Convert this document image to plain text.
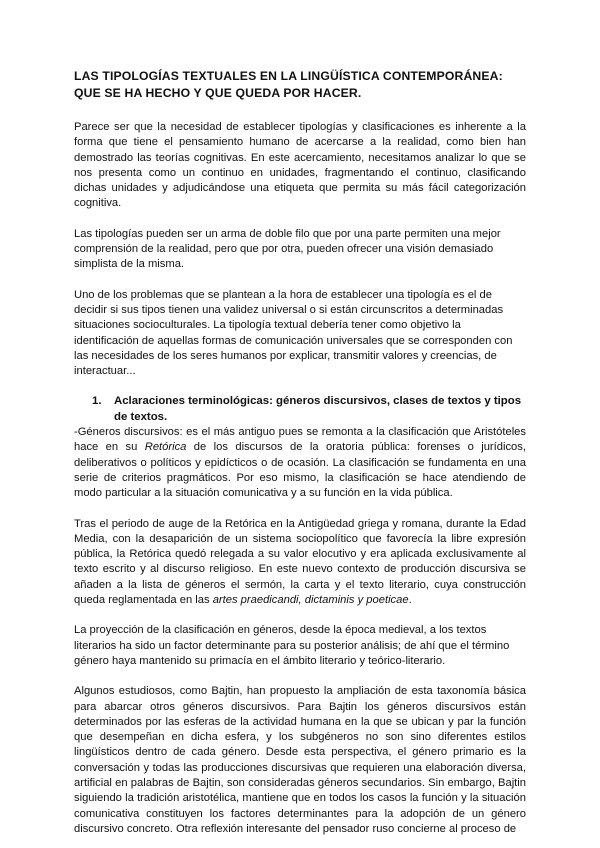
LAS TIPOLOGÍAS TEXTUALES EN LA LINGÜÍSTICA CONTEMPORÁNEA: QUE SE HA HECHO Y QUE QUEDA POR HACER.

Parece ser que la necesidad de establecer tipologías y clasificaciones es inherente a la forma que tiene el pensamiento humano de acercarse a la realidad, como bien han demostrado las teorías cognitivas. En este acercamiento, necesitamos analizar lo que se nos presenta como un continuo en unidades, fragmentando el continuo, clasificando dichas unidades y adjudicándose una etiqueta que permita su más fácil categorización cognitiva.

Las tipologías pueden ser un arma de doble filo que por una parte permiten una mejor comprensión de la realidad, pero que por otra, pueden ofrecer una visión demasiado simplista de la misma.

Uno de los problemas que se plantean a la hora de establecer una tipología es el de decidir si sus tipos tienen una validez universal o si están circunscritos a determinadas situaciones socioculturales. La tipología textual debería tener como objetivo la identificación de aquellas formas de comunicación universales que se corresponden con las necesidades de los seres humanos por explicar, transmitir valores y creencias, de interactuar...

1.	Aclaraciones terminológicas: géneros discursivos, clases de textos y tipos de textos.

-Géneros discursivos: es el más antiguo pues se remonta a la clasificación que Aristóteles hace en su Retórica de los discursos de la oratoria pública: forenses o jurídicos, deliberativos o políticos y epidícticos o de ocasión. La clasificación se fundamenta en una serie de criterios pragmáticos. Por eso mismo, la clasificación se hace atendiendo de modo particular a la situación comunicativa y a su función en la vida pública.

Tras el periodo de auge de la Retórica en la Antigüedad griega y romana, durante la Edad Media, con la desaparición de un sistema sociopolítico que favorecía la libre expresión pública, la Retórica quedó relegada a su valor elocutivo y era aplicada exclusivamente al texto escrito y al discurso religioso. En este nuevo contexto de producción discursiva se añaden a la lista de géneros el sermón, la carta y el texto literario, cuya construcción queda reglamentada en las artes praedicandi, dictaminis y poeticae.

La proyección de la clasificación en géneros, desde la época medieval, a los textos literarios ha sido un factor determinante para su posterior análisis; de ahí que el término género haya mantenido su primacía en el ámbito literario y teórico-literario.

Algunos estudiosos, como Bajtin, han propuesto la ampliación de esta taxonomía básica para abarcar otros géneros discursivos. Para Bajtin los géneros discursivos están determinados por las esferas de la actividad humana en la que se ubican y par la función que desempeñan en dicha esfera, y los subgéneros no son sino diferentes estilos lingüísticos dentro de cada género. Desde esta perspectiva, el género primario es la conversación y todas las producciones discursivas que requieren una elaboración diversa, artificial en palabras de Bajtin, son consideradas géneros secundarios. Sin embargo, Bajtin siguiendo la tradición aristotélica, mantiene que en todos los casos la función y la situación comunicativa constituyen los factores determinantes para la adopción de un género discursivo concreto. Otra reflexión interesante del pensador ruso concierne al proceso de
